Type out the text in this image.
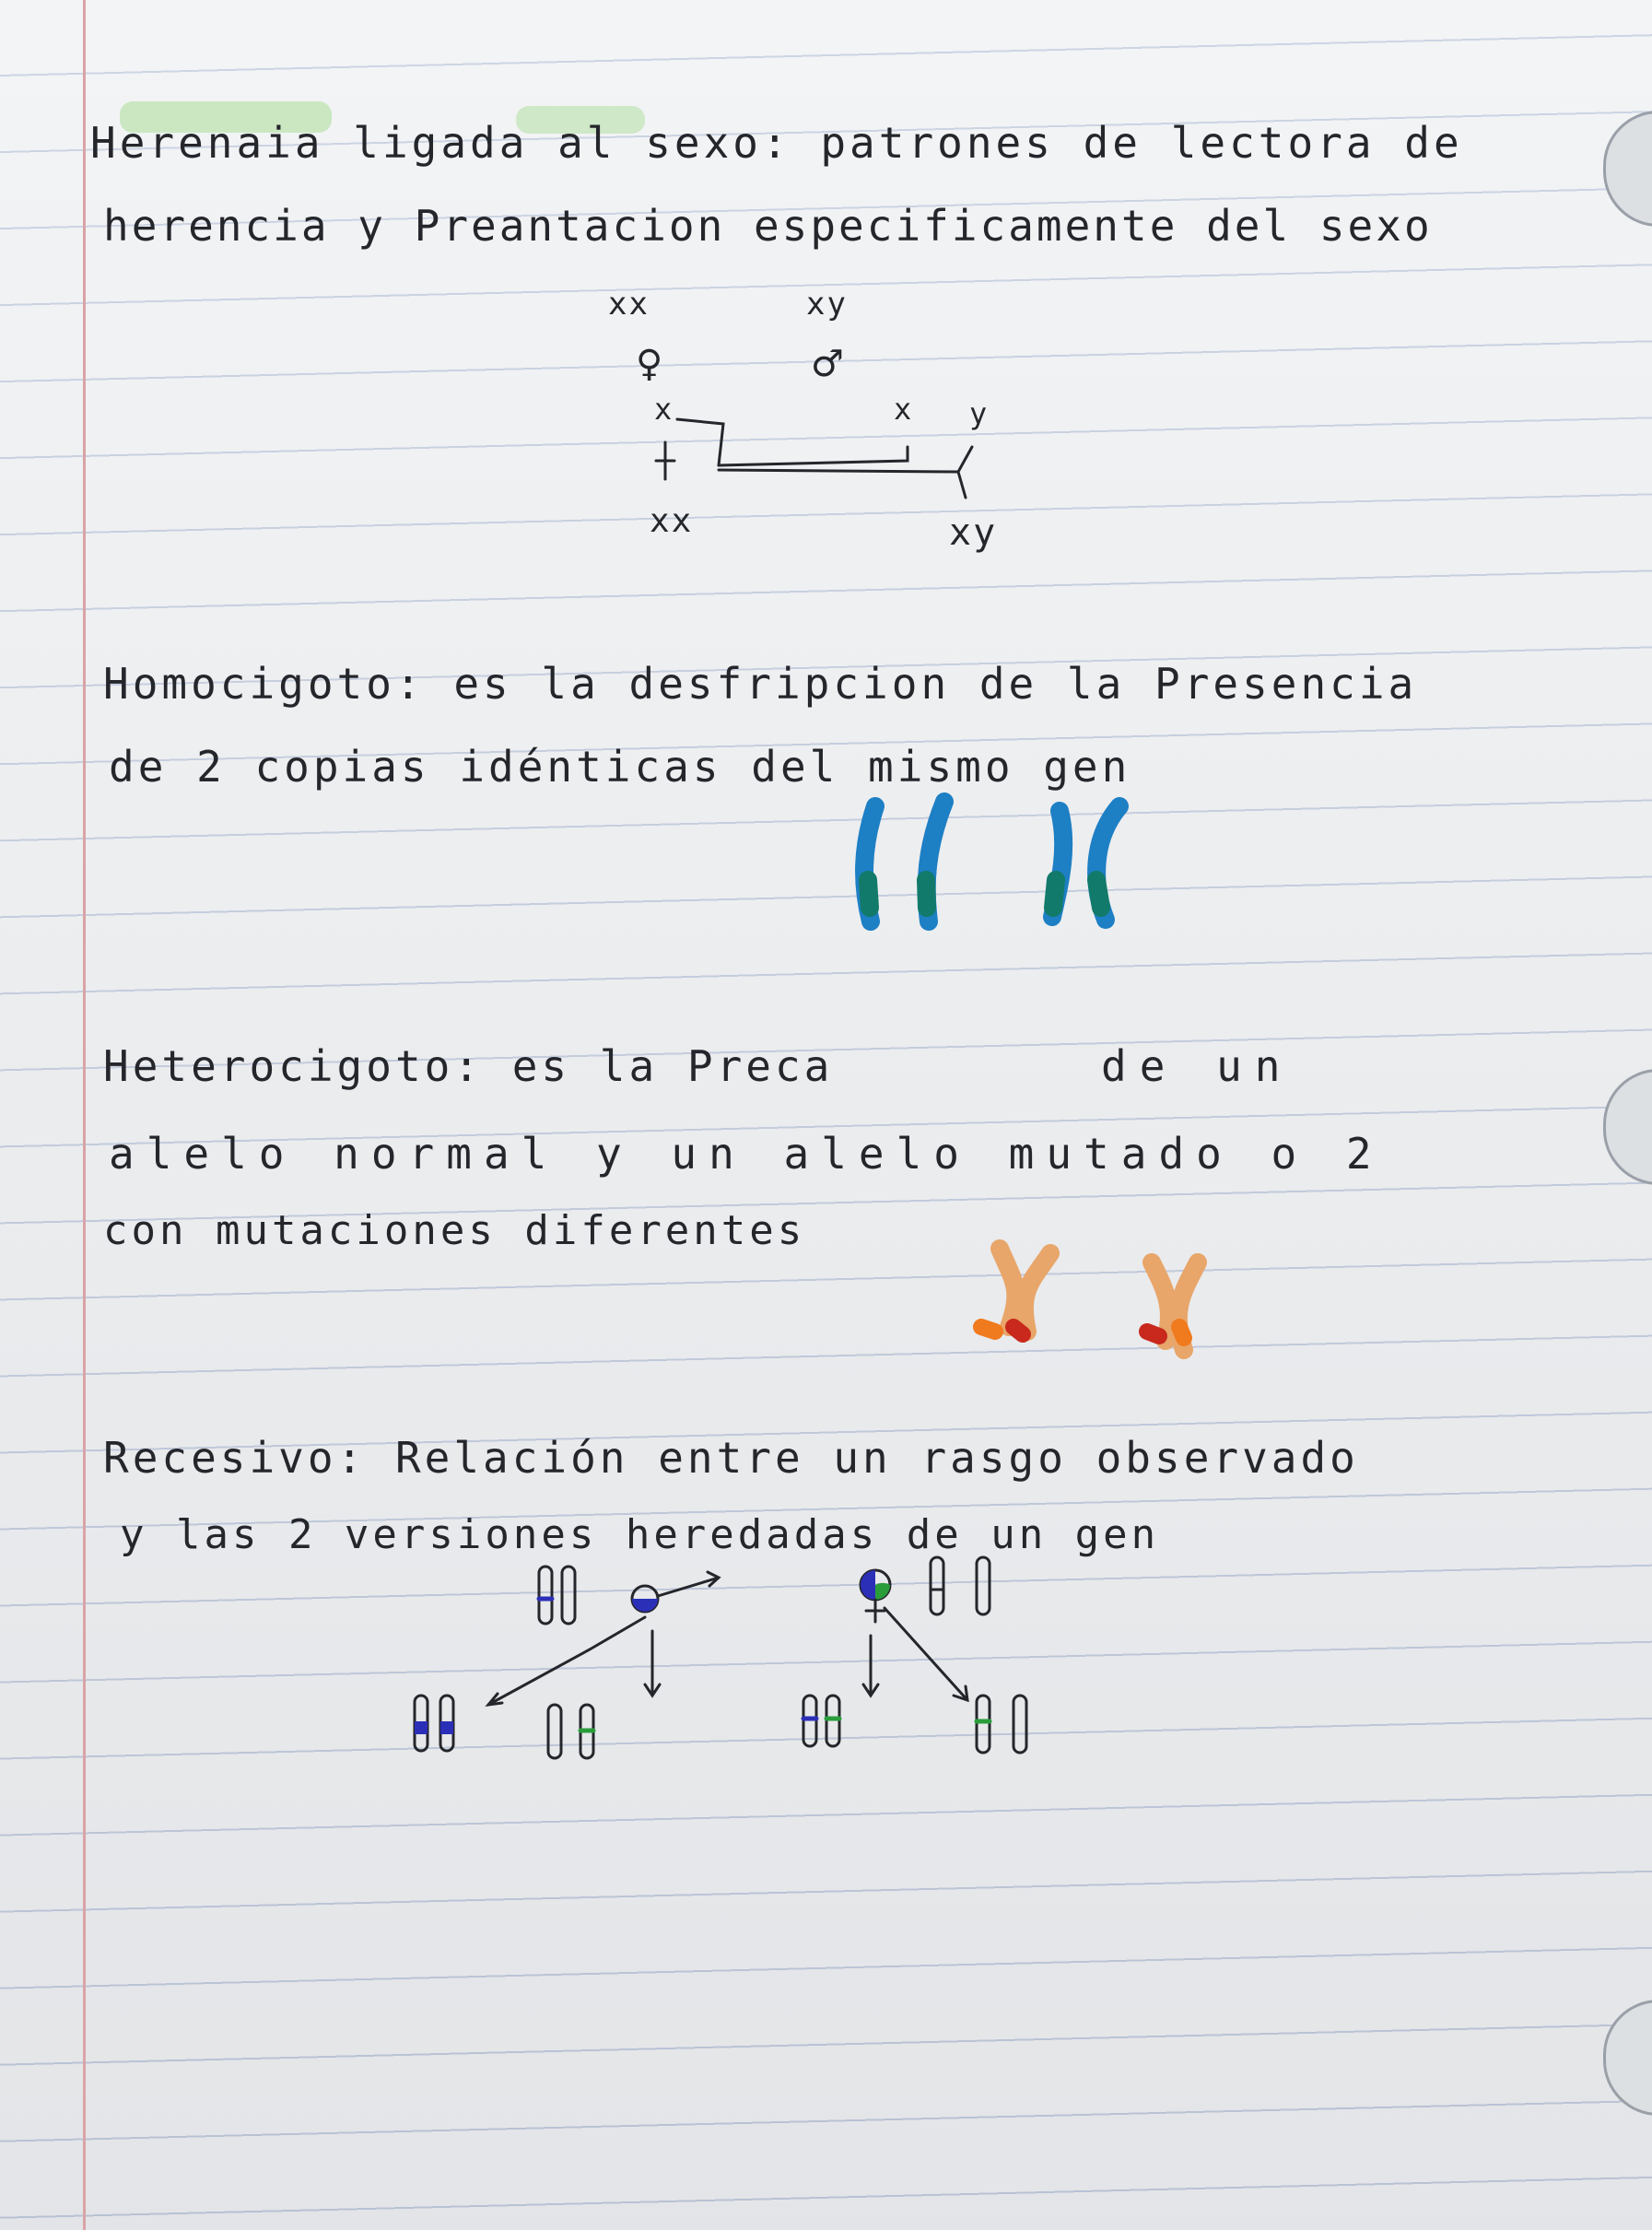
Herenaia ligada al sexo: patrones de lectora de
herencia y Preantacion especificamente del sexo
xx
♀
xy
♂
x	x y
xx	xy
Homocigoto: es la desfripcion de la Presencia
de 2 copias idénticas del mismo gen
Heterocigoto: es la Preca	de un
alelo normal y un alelo mutado o 2
con mutaciones diferentes
Recesivo: Relación entre un rasgo observado
y las 2 versiones heredadas de un gen
